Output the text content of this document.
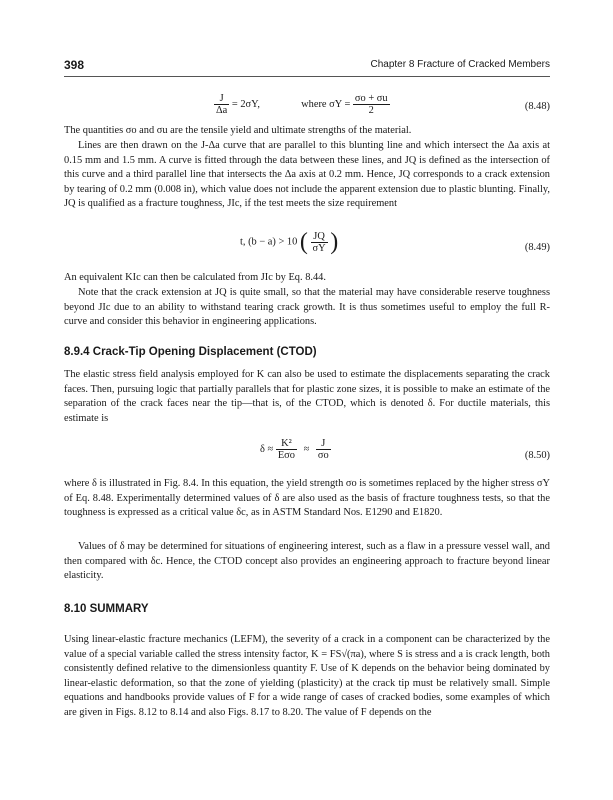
398	Chapter 8 Fracture of Cracked Members
$\frac{J}{\Delta a} = 2\sigma Y$,	where $\sigma Y = \frac{\sigma o + \sigma u}{2}$	(8.48)

The quantities σo and σu are the tensile yield and ultimate strengths of the material.

Lines are then drawn on the J-Δa curve that are parallel to this blunting line and which intersect the Δa axis at 0.15 mm and 1.5 mm. A curve is fitted through the data between these lines, and JQ is defined as the intersection of this curve and a third parallel line that intersects the Δa axis at 0.2 mm. Hence, JQ corresponds to a crack extension by tearing of 0.2 mm (0.008 in), which value does not include the apparent extension due to plastic blunting. Finally, JQ is qualified as a fracture toughness, JIc, if the test meets the size requirement

t, (b − a) > 10 ( $\frac{JQ}{\sigma Y}$ )	(8.49)

An equivalent KIc can then be calculated from JIc by Eq. 8.44.

Note that the crack extension at JQ is quite small, so that the material may have considerable reserve toughness beyond JIc due to an ability to withstand tearing crack growth. It is thus sometimes useful to employ the full R-curve and consider this behavior in engineering applications.

8.9.4 Crack-Tip Opening Displacement (CTOD)

The elastic stress field analysis employed for K can also be used to estimate the displacements separating the crack faces. Then, pursuing logic that partially parallels that for plastic zone sizes, it is possible to make an estimate of the separation of the crack faces near the tip—that is, of the CTOD, which is denoted δ. For ductile materials, this estimate is

$\delta \approx \frac{\text{K²}}{\text{Eσo}} \approx \frac{J}{\sigma o}$	(8.50)

where δ is illustrated in Fig. 8.4. In this equation, the yield strength σo is sometimes replaced by the higher stress σY of Eq. 8.48. Experimentally determined values of δ are also used as the basis of fracture toughness tests, so that the toughness is expressed as a critical value δc, as in ASTM Standard Nos. E1290 and E1820.

Values of δ may be determined for situations of engineering interest, such as a flaw in a pressure vessel wall, and then compared with δc. Hence, the CTOD concept also provides an engineering approach to fracture beyond linear elasticity.

8.10 SUMMARY

Using linear-elastic fracture mechanics (LEFM), the severity of a crack in a component can be characterized by the value of a special variable called the stress intensity factor, K = FS√(πa), where S is stress and a is crack length, both consistently defined relative to the dimensionless quantity F. Use of K depends on the behavior being dominated by linear-elastic deformation, so that the zone of yielding (plasticity) at the crack tip must be relatively small. Simple equations and handbooks provide values of F for a wide range of cases of cracked bodies, some examples of which are given in Figs. 8.12 to 8.14 and also Figs. 8.17 to 8.20. The value of F depends on the
